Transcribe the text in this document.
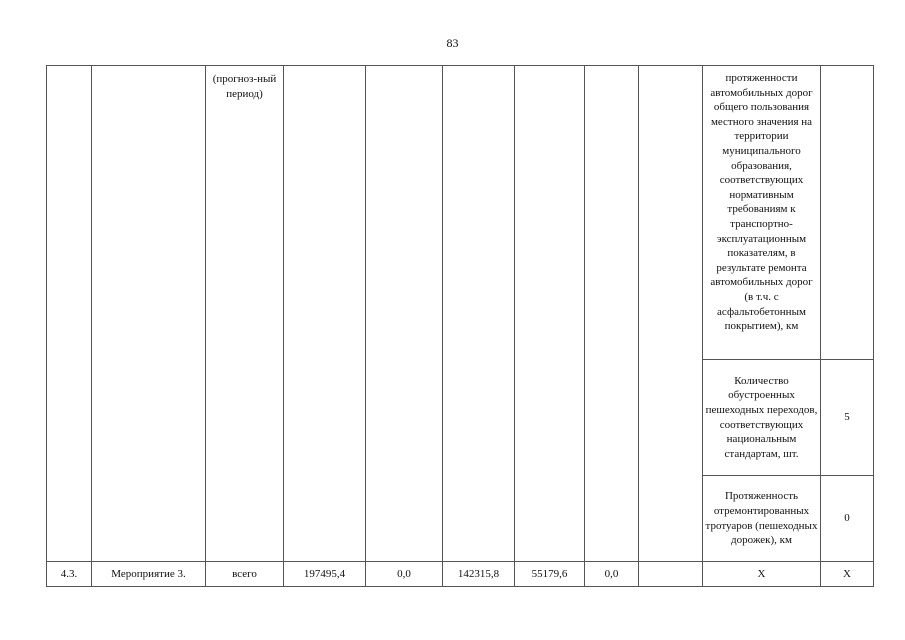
83
		(прогноз-ный период)							протяженности автомобильных дорог общего пользования местного значения на территории муниципального образования, соответствующих нормативным требованиям к транспортно-эксплуатационным показателям, в результате ремонта автомобильных дорог (в т.ч. с асфальтобетонным покрытием), км	
									Количество обустроенных пешеходных переходов, соответствующих национальным стандартам, шт.	5
									Протяженность отремонтированных тротуаров (пешеходных дорожек), км	0
4.3.	Мероприятие 3.	всего	197495,4	0,0	142315,8	55179,6	0,0		Х	Х
